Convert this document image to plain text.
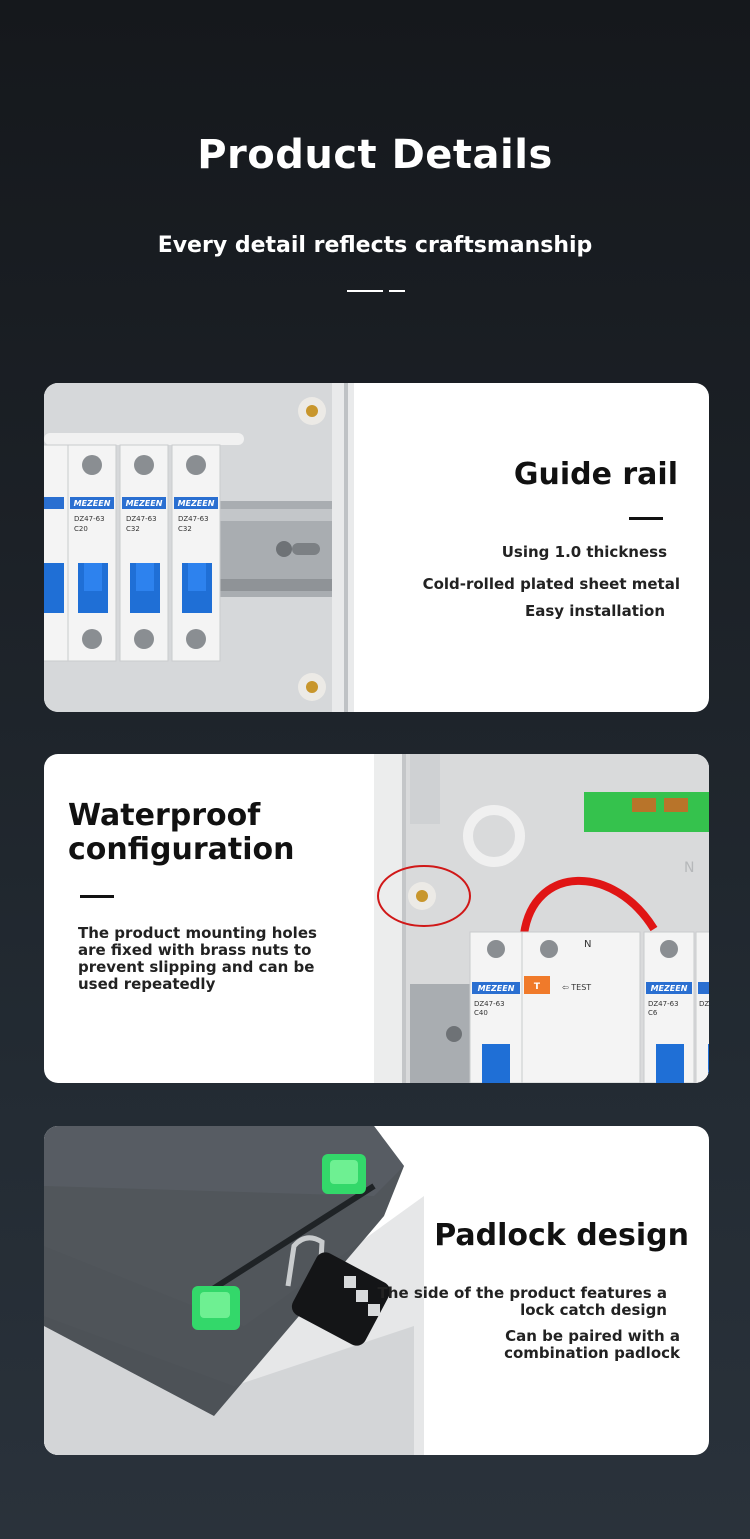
Product Details
Every detail reflects craftsmanship
MEZEEN MEZEEN MEZEEN
DZ47-63
C20
DZ47-63
C32
DZ47-63
C32
Guide rail
Using 1.0 thickness
Cold-rolled plated sheet metal
Easy installation
N
N
MEZEEN	MEZEEN
T	⇦ TEST
DZ47-63
C40
DZ47-63
C6
DZ
Waterproof
configuration
The product mounting holes
are fixed with brass nuts to
prevent slipping and can be
used repeatedly
Padlock design
The side of the product features a
lock catch design
Can be paired with a
combination padlock
